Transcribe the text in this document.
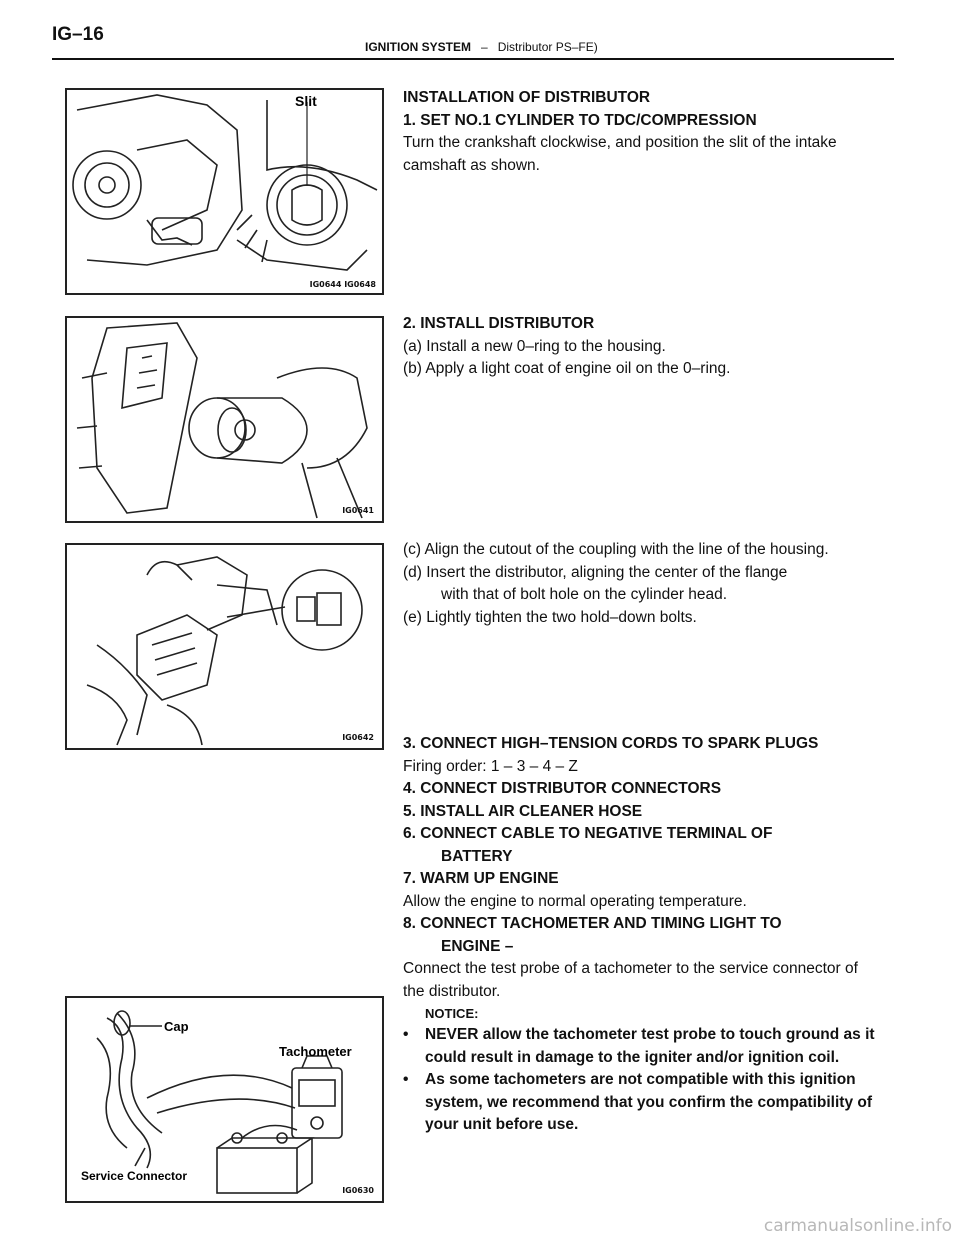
IG–16
IGNITION SYSTEM – Distributor PS–FE)
Slit
IG0644 IG0648
IG0641
IG0642
Cap
Tachometer
Service Connector
IG0630

INSTALLATION OF DISTRIBUTOR

1. SET NO.1 CYLINDER TO TDC/COMPRESSION

Turn the crankshaft clockwise, and position the slit of the intake camshaft as shown.

2. INSTALL DISTRIBUTOR

(a) Install a new 0–ring to the housing.

(b) Apply a light coat of engine oil on the 0–ring.

(c) Align the cutout of the coupling with the line of the housing.

(d) Insert the distributor, aligning the center of the flange

with that of bolt hole on the cylinder head.

(e) Lightly tighten the two hold–down bolts.

3. CONNECT HIGH–TENSION CORDS TO SPARK PLUGS

Firing order: 1 – 3 – 4 – Z

4. CONNECT DISTRIBUTOR CONNECTORS

5. INSTALL AIR CLEANER HOSE

6. CONNECT CABLE TO NEGATIVE TERMINAL OF

BATTERY

7. WARM UP ENGINE

Allow the engine to normal operating temperature.

8. CONNECT TACHOMETER AND TIMING LIGHT TO

ENGINE –

Connect the test probe of a tachometer to the service connector of the distributor.

NOTICE:

•	NEVER allow the tachometer test probe to touch ground as it could result in damage to the igniter and/or ignition coil.
•	As some tachometers are not compatible with this ignition system, we recommend that you confirm the compatibility of your unit before use.
carmanualsonline.info
